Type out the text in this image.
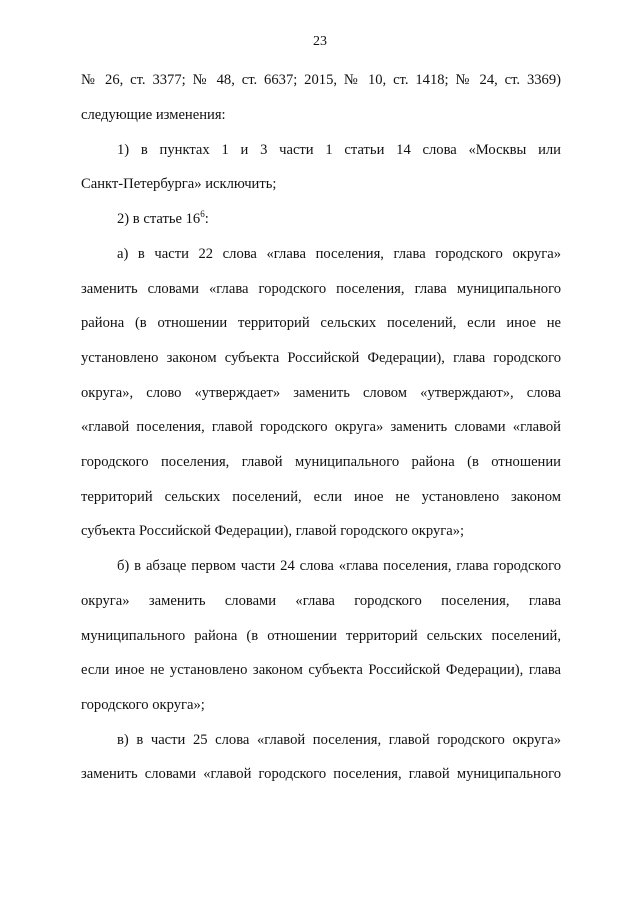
23
№ 26, ст. 3377; № 48, ст. 6637; 2015, № 10, ст. 1418; № 24, ст. 3369)
следующие изменения:
1) в пунктах 1 и 3 части 1 статьи 14 слова «Москвы или
Санкт-Петербурга» исключить;
2) в статье $16^6$:
а) в части 22 слова «глава поселения, глава городского округа»
заменить словами «глава городского поселения, глава муниципального
района (в отношении территорий сельских поселений, если иное не
установлено законом субъекта Российской Федерации), глава городского
округа», слово «утверждает» заменить словом «утверждают», слова
«главой поселения, главой городского округа» заменить словами «главой
городского поселения, главой муниципального района (в отношении
территорий сельских поселений, если иное не установлено законом
субъекта Российской Федерации), главой городского округа»;
б) в абзаце первом части 24 слова «глава поселения, глава городского
округа» заменить словами «глава городского поселения, глава
муниципального района (в отношении территорий сельских поселений,
если иное не установлено законом субъекта Российской Федерации), глава
городского округа»;
в) в части 25 слова «главой поселения, главой городского округа»
заменить словами «главой городского поселения, главой муниципального
